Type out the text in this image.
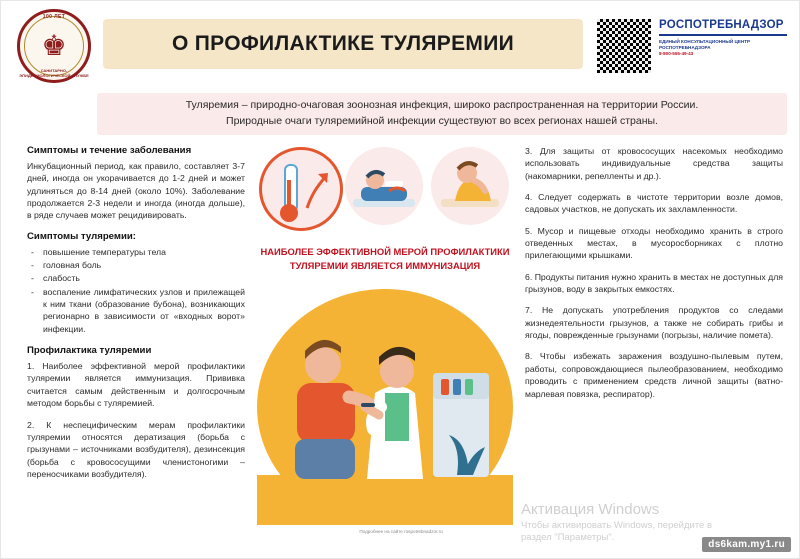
100 ЛЕТ
♚
САНИТАРНО-ЭПИДЕМИОЛОГИЧЕСКОЙ СЛУЖБЕ
О ПРОФИЛАКТИКЕ ТУЛЯРЕМИИ
РОСПОТРЕБНАДЗОР
ЕДИНЫЙ КОНСУЛЬТАЦИОННЫЙ ЦЕНТР
РОСПОТРЕБНАДЗОРА
8-800-555-49-43

Туляремия – природно-очаговая зоонозная инфекция, широко распространенная на территории России.

Природные очаги туляремийной инфекции существуют во всех регионах нашей страны.

Симптомы и течение заболевания

Инкубационный период, как правило, составляет 3-7 дней, иногда он укорачивается до 1-2 дней и может удлиняться до 8-14 дней (около 10%). Заболевание продолжается 2-3 недели и иногда (иногда дольше), в ряде случаев может рецидивировать.

Симптомы туляремии:
- повышение температуры тела
- головная боль
- слабость
- воспаление лимфатических узлов и прилежащей к ним ткани (образование бубона), возникающих регионарно в зависимости от «входных ворот» инфекции.
Профилактика туляремии

1. Наиболее эффективной мерой профилактики туляремии является иммунизация. Прививка считается самым действенным и долгосрочным методом борьбы с туляремией.

2. К неспецифическим мерам профилактики туляремии относятся дератизация (борьба с грызунами – источниками возбудителя), дезинсекция (борьба с кровососущими членистоногими – переносчиками возбудителя).

НАИБОЛЕЕ ЭФФЕКТИВНОЙ МЕРОЙ ПРОФИЛАКТИКИ
ТУЛЯРЕМИИ ЯВЛЯЕТСЯ ИММУНИЗАЦИЯ

3. Для защиты от кровососущих насекомых необходимо использовать индивидуальные средства защиты (накомарники, репелленты и др.).

4. Следует содержать в чистоте территории возле домов, садовых участков, не допускать их захламленности.

5. Мусор и пищевые отходы необходимо хранить в строго отведенных местах, в мусоросборниках с плотно прилегающими крышками.

6. Продукты питания нужно хранить в местах не доступных для грызунов, воду в закрытых емкостях.

7. Не допускать употребления продуктов со следами жизнедеятельности грызунов, а также не собирать грибы и ягоды, поврежденные грызунами (погрызы, наличие помета).

8. Чтобы избежать заражения воздушно-пылевым путем, работы, сопровождающиеся пылеобразованием, необходимо проводить с применением средств личной защиты (ватно-марлевая повязка, респиратор).

Подробнее на сайте rospotrebnadzor.ru
Активация Windows
Чтобы активировать Windows, перейдите в раздел "Параметры".
ds6kam.my1.ru
